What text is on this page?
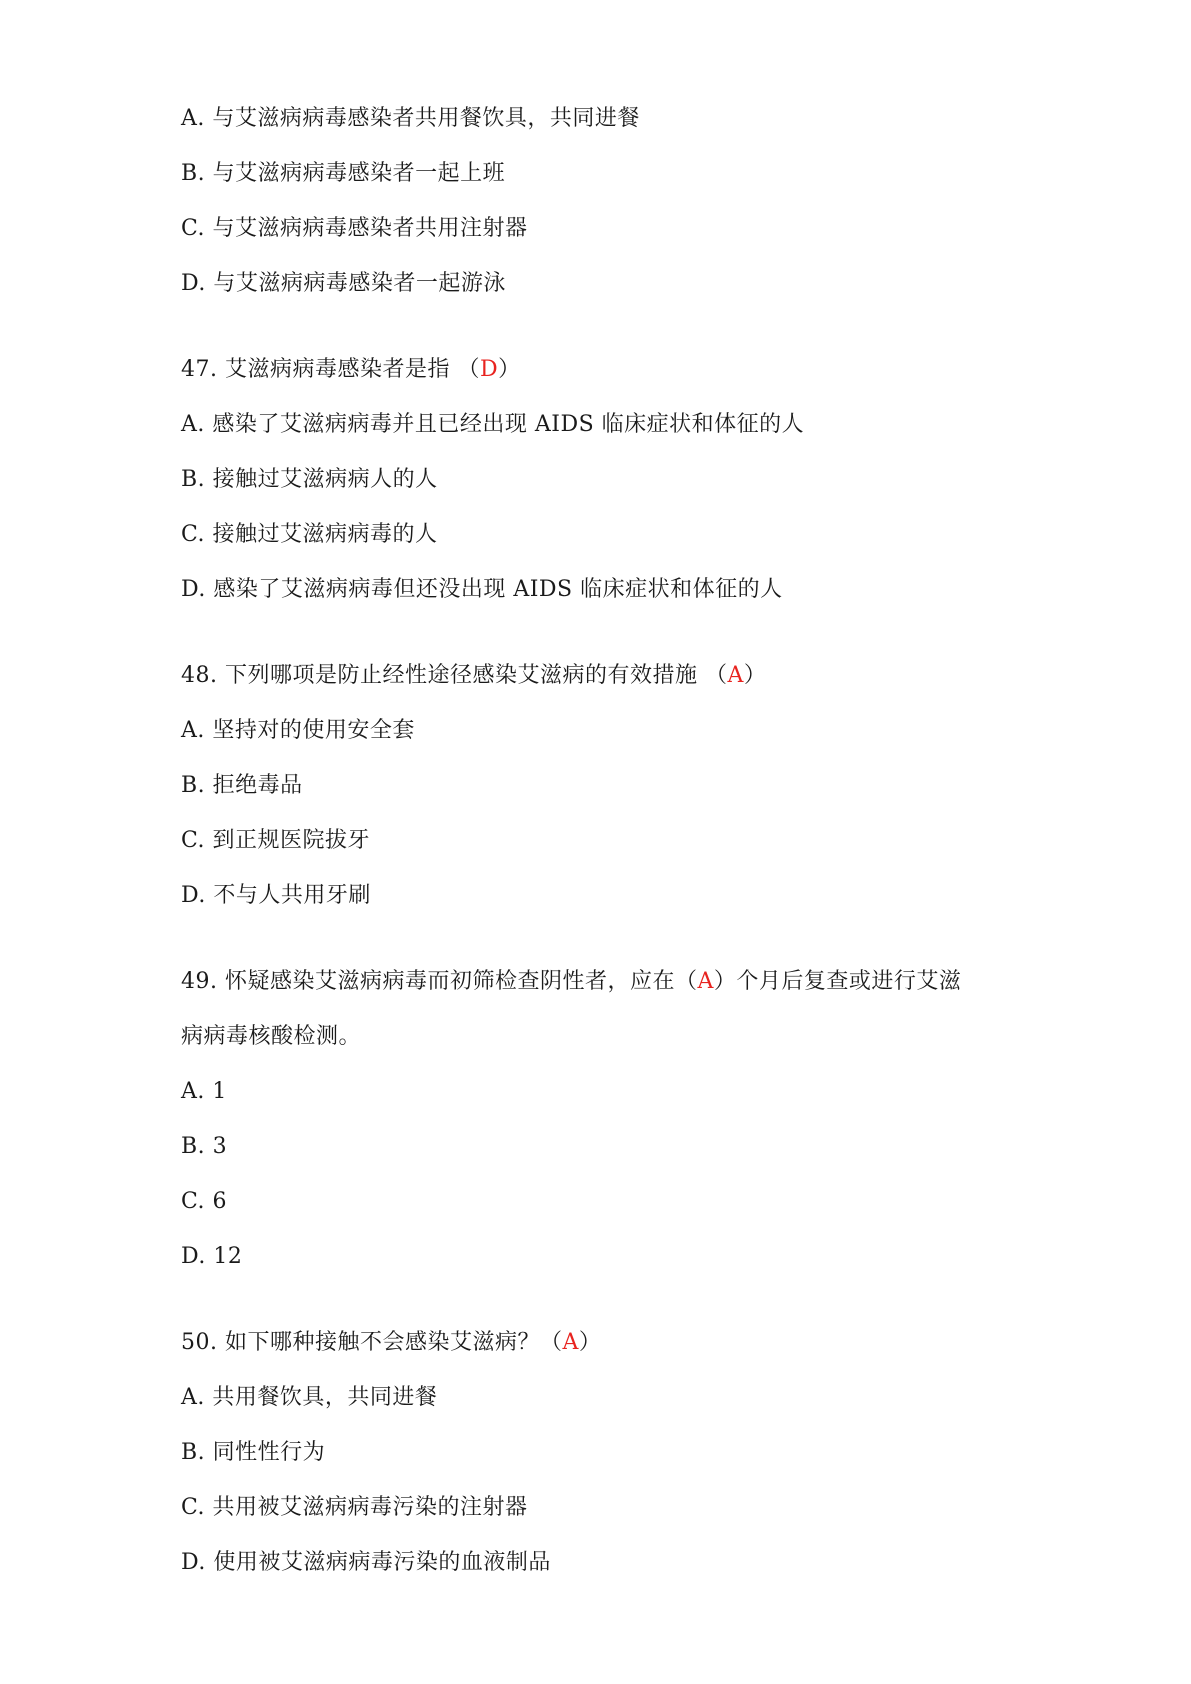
A. 与艾滋病病毒感染者共用餐饮具，共同进餐
B. 与艾滋病病毒感染者一起上班
C. 与艾滋病病毒感染者共用注射器
D. 与艾滋病病毒感染者一起游泳
47. 艾滋病病毒感染者是指 （D）
A. 感染了艾滋病病毒并且已经出现 AIDS 临床症状和体征的人
B. 接触过艾滋病病人的人
C. 接触过艾滋病病毒的人
D. 感染了艾滋病病毒但还没出现 AIDS 临床症状和体征的人
48. 下列哪项是防止经性途径感染艾滋病的有效措施 （A）
A. 坚持对的使用安全套
B. 拒绝毒品
C. 到正规医院拔牙
D. 不与人共用牙刷
49. 怀疑感染艾滋病病毒而初筛检查阴性者，应在（A）个月后复查或进行艾滋
病病毒核酸检测。
A. 1
B. 3
C. 6
D. 12
50. 如下哪种接触不会感染艾滋病？（A）
A. 共用餐饮具，共同进餐
B. 同性性行为
C. 共用被艾滋病病毒污染的注射器
D. 使用被艾滋病病毒污染的血液制品
